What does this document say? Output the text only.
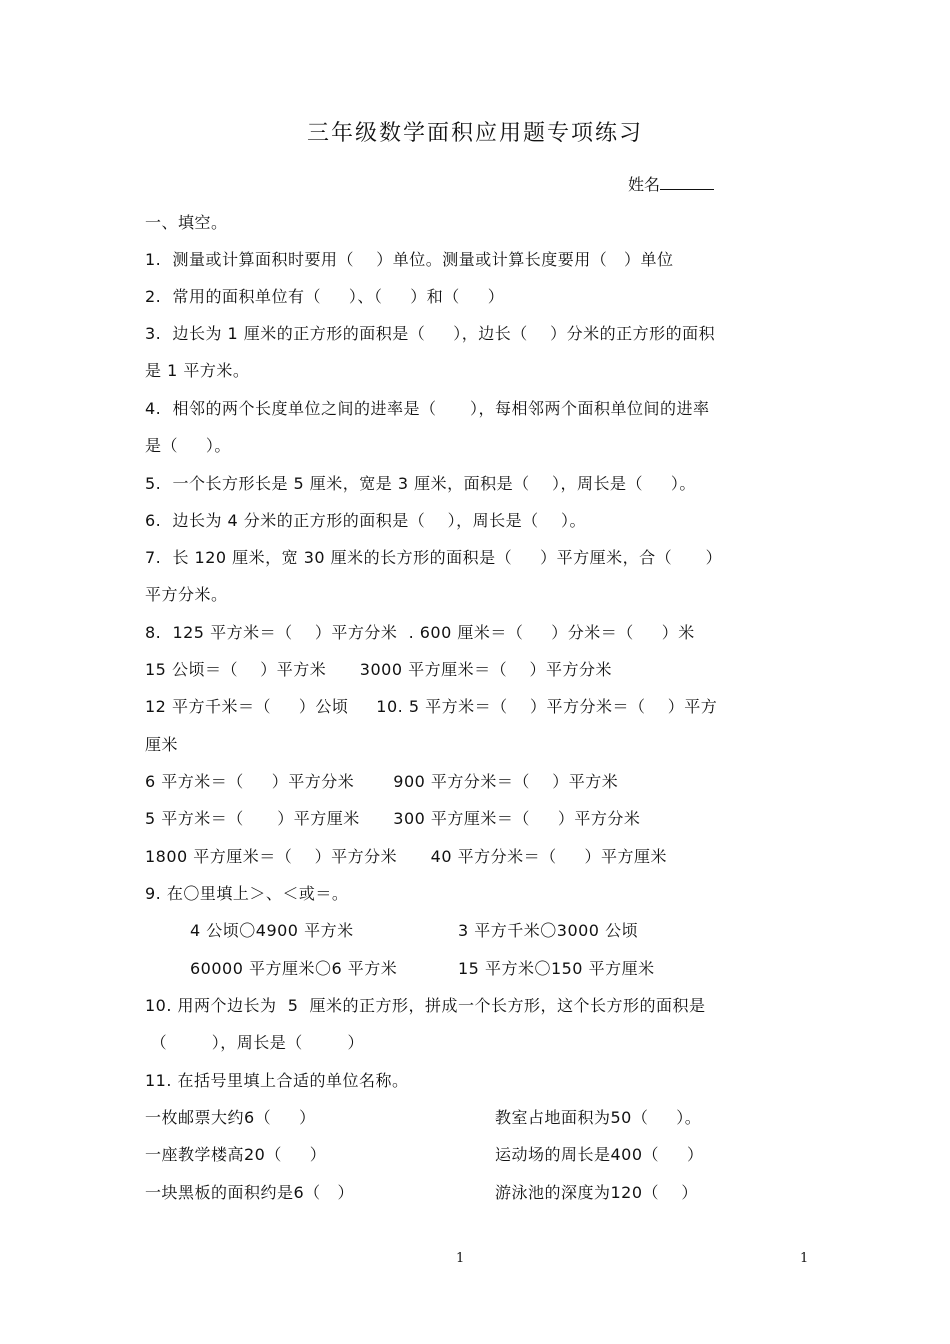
三年级数学面积应用题专项练习
姓名
一、填空。
1.  测量或计算面积时要用（    ）单位。测量或计算长度要用（   ）单位
2.  常用的面积单位有（     ）、（     ）和（     ）
3.  边长为 1 厘米的正方形的面积是（     ），边长（    ）分米的正方形的面积
是 1 平方米。
4.  相邻的两个长度单位之间的进率是（      ），每相邻两个面积单位间的进率
是（     ）。
5.  一个长方形长是 5 厘米，宽是 3 厘米，面积是（    ），周长是（     ）。
6.  边长为 4 分米的正方形的面积是（    ），周长是（    ）。
7.  长 120 厘米，宽 30 厘米的长方形的面积是（     ）平方厘米，合（      ）
平方分米。
8.  125 平方米＝（    ）平方分米  . 600 厘米＝（     ）分米＝（     ）米
15 公顷＝（    ）平方米      3000 平方厘米＝（    ）平方分米
12 平方千米＝（     ）公顷     10. 5 平方米＝（    ）平方分米＝（    ）平方
厘米
6 平方米＝（     ）平方分米       900 平方分米＝（    ）平方米
5 平方米＝（      ）平方厘米      300 平方厘米＝（     ）平方分米
1800 平方厘米＝（    ）平方分米      40 平方分米＝（     ）平方厘米
9. 在〇里填上＞、＜或＝。
4 公顷〇4900 平方米	3 平方千米〇3000 公顷
60000 平方厘米〇6 平方米	15 平方米〇150 平方厘米
10. 用两个边长为  5  厘米的正方形，拼成一个长方形，这个长方形的面积是
（        ），周长是（        ）
11. 在括号里填上合适的单位名称。
一枚邮票大约6（     ）	教室占地面积为50（     ）。
一座教学楼高20（     ）	运动场的周长是400（     ）
一块黑板的面积约是6（   ）	游泳池的深度为120（    ）
1	1
